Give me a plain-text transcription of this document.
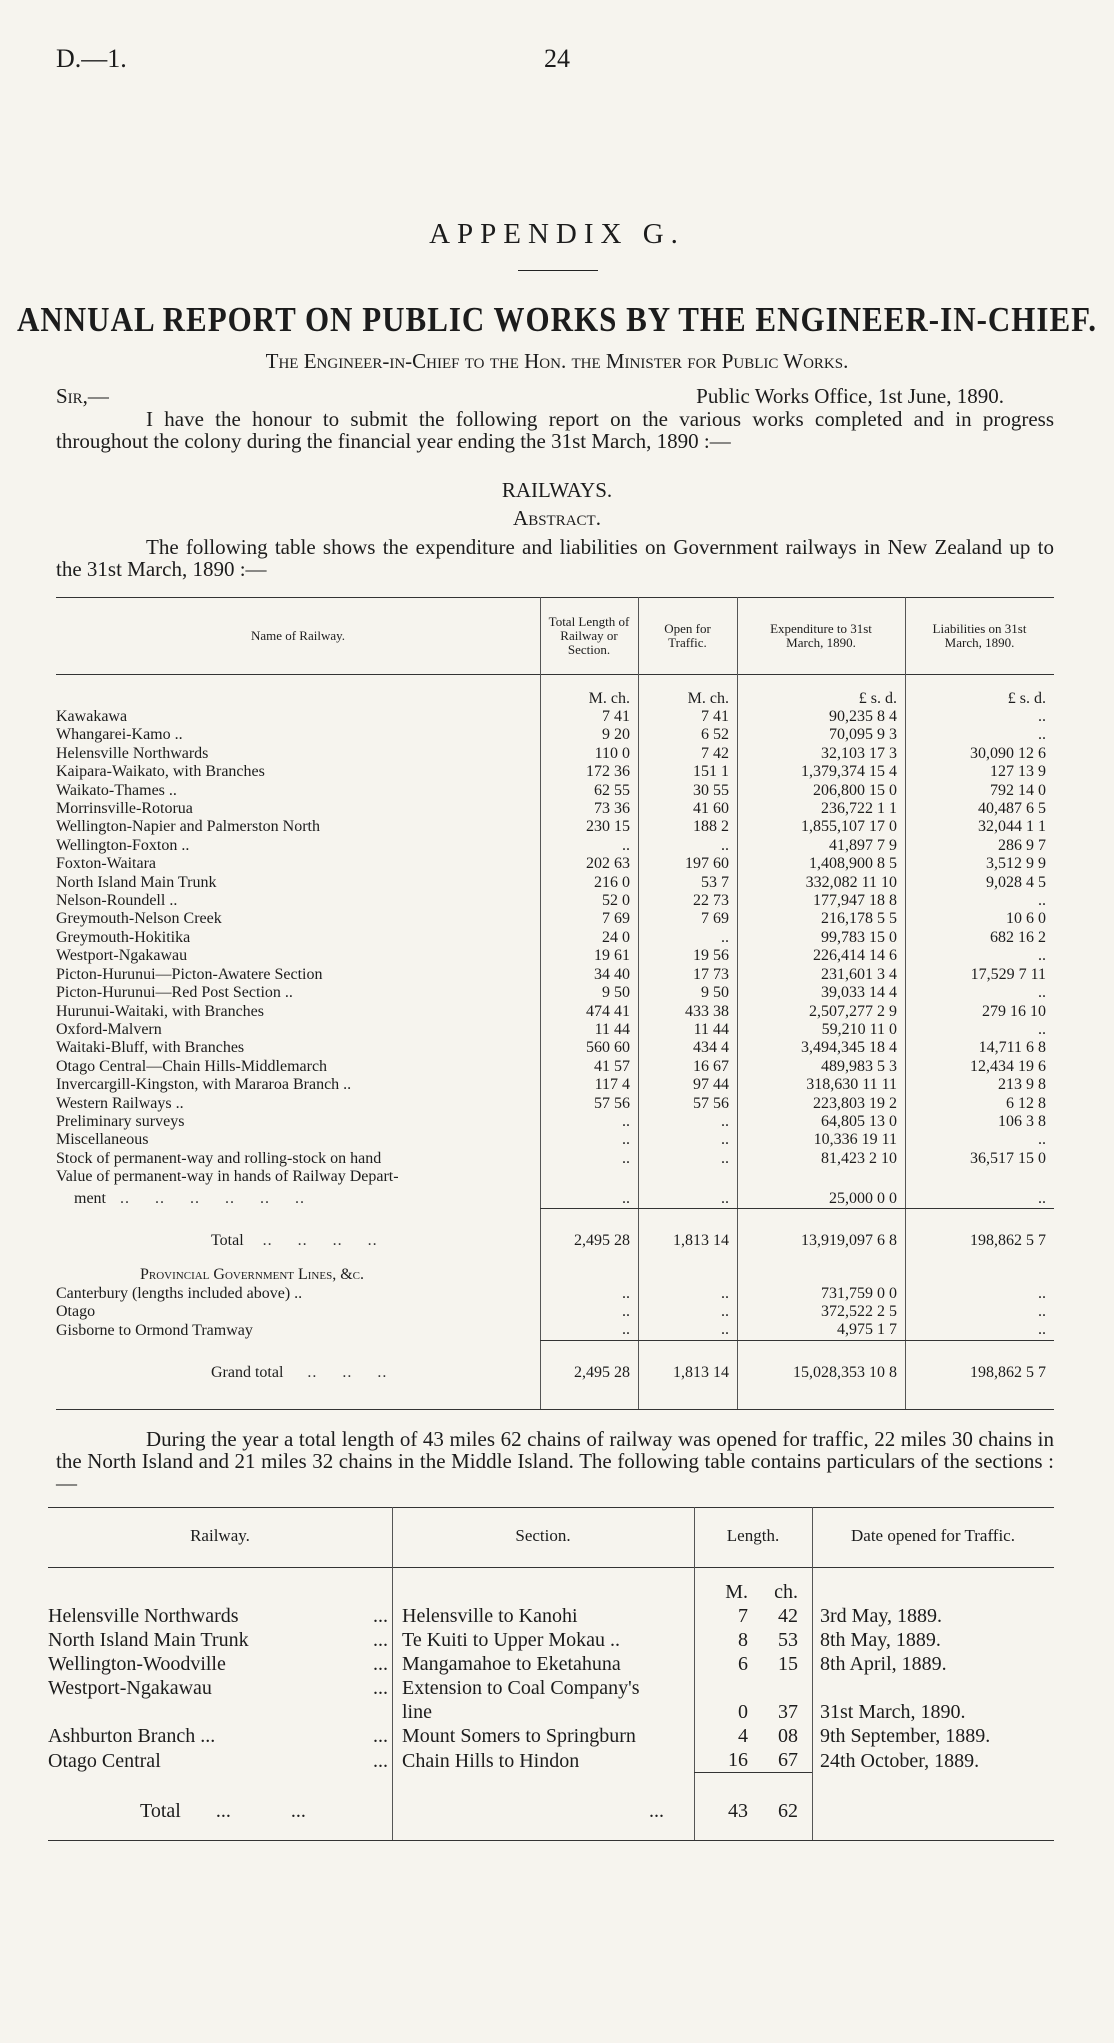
D.—1.	24
APPENDIX G.
ANNUAL REPORT ON PUBLIC WORKS BY THE ENGINEER-IN-CHIEF.
The Engineer-in-Chief to the Hon. the Minister for Public Works.
Sir,—	Public Works Office, 1st June, 1890.
I have the honour to submit the following report on the various works completed and in progress throughout the colony during the financial year ending the 31st March, 1890 :—
RAILWAYS.
Abstract.
The following table shows the expenditure and liabilities on Government railways in New Zealand up to the 31st March, 1890 :—
Name of Railway.	Total Length of Railway or Section.	Open for Traffic.	Expenditure to 31st March, 1890.	Liabilities on 31st March, 1890.
	M. ch.	M. ch.	£ s. d.	£ s. d.
Kawakawa	7 41	7 41	90,235 8 4	..
Whangarei-Kamo ..	9 20	6 52	70,095 9 3	..
Helensville Northwards	110 0	7 42	32,103 17 3	30,090 12 6
Kaipara-Waikato, with Branches	172 36	151 1	1,379,374 15 4	127 13 9
Waikato-Thames ..	62 55	30 55	206,800 15 0	792 14 0
Morrinsville-Rotorua	73 36	41 60	236,722 1 1	40,487 6 5
Wellington-Napier and Palmerston North	230 15	188 2	1,855,107 17 0	32,044 1 1
Wellington-Foxton ..	..	..	41,897 7 9	286 9 7
Foxton-Waitara	202 63	197 60	1,408,900 8 5	3,512 9 9
North Island Main Trunk	216 0	53 7	332,082 11 10	9,028 4 5
Nelson-Roundell ..	52 0	22 73	177,947 18 8	..
Greymouth-Nelson Creek	7 69	7 69	216,178 5 5	10 6 0
Greymouth-Hokitika	24 0	..	99,783 15 0	682 16 2
Westport-Ngakawau	19 61	19 56	226,414 14 6	..
Picton-Hurunui—Picton-Awatere Section	34 40	17 73	231,601 3 4	17,529 7 11
Picton-Hurunui—Red Post Section ..	9 50	9 50	39,033 14 4	..
Hurunui-Waitaki, with Branches	474 41	433 38	2,507,277 2 9	279 16 10
Oxford-Malvern	11 44	11 44	59,210 11 0	..
Waitaki-Bluff, with Branches	560 60	434 4	3,494,345 18 4	14,711 6 8
Otago Central—Chain Hills-Middlemarch	41 57	16 67	489,983 5 3	12,434 19 6
Invercargill-Kingston, with Mararoa Branch ..	117 4	97 44	318,630 11 11	213 9 8
Western Railways ..	57 56	57 56	223,803 19 2	6 12 8
Preliminary surveys	..	..	64,805 13 0	106 3 8
Miscellaneous	..	..	10,336 19 11	..
Stock of permanent-way and rolling-stock on hand	..	..	81,423 2 10	36,517 15 0
Value of permanent-way in hands of Railway Depart-				
ment   ..     ..     ..     ..     ..     ..	..	..	25,000 0 0	..
Total    ..     ..     ..     ..	2,495 28	1,813 14	13,919,097 6 8	198,862 5 7
Provincial Government Lines, &c.				
Canterbury (lengths included above) ..	..	..	731,759 0 0	..
Otago	..	..	372,522 2 5	..
Gisborne to Ormond Tramway	..	..	4,975 1 7	..
Grand total     ..     ..     ..	2,495 28	1,813 14	15,028,353 10 8	198,862 5 7
During the year a total length of 43 miles 62 chains of railway was opened for traffic, 22 miles 30 chains in the North Island and 21 miles 32 chains in the Middle Island. The following table contains particulars of the sections :—
Railway.	Section.	Length.		Date opened for Traffic.
		M.	ch.	

...
Helensville Northwards	Helensville to Kanohi	7	42	3rd May, 1889.

...
North Island Main Trunk	Te Kuiti to Upper Mokau ..	8	53	8th May, 1889.

...
Wellington-Woodville	Mangamahoe to Eketahuna	6	15	8th April, 1889.

...
Westport-Ngakawau	Extension to Coal Company's			
	line	0	37	31st March, 1890.

...
Ashburton Branch ...	Mount Somers to Springburn	4	08	9th September, 1889.

...
Otago Central	Chain Hills to Hindon	16	67	24th October, 1889.
Total ... ...	...	43	62	
